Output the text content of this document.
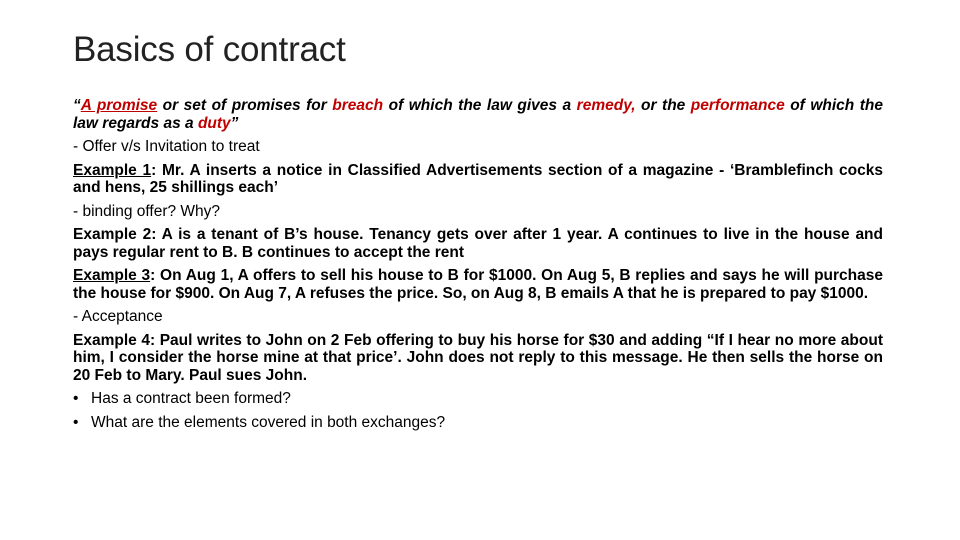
Basics of contract

“A promise or set of promises for breach of which the law gives a remedy, or the performance of which the law regards as a duty”

- Offer v/s Invitation to treat

Example 1: Mr. A inserts a notice in Classified Advertisements section of a magazine - ‘Bramblefinch cocks and hens, 25 shillings each’

- binding offer? Why?

Example 2: A is a tenant of B’s house. Tenancy gets over after 1 year. A continues to live in the house and pays regular rent to B. B continues to accept the rent

Example 3: On Aug 1, A offers to sell his house to B for $1000. On Aug 5, B replies and says he will purchase the house for $900. On Aug 7, A refuses the price. So, on Aug 8, B emails A that he is prepared to pay $1000.

- Acceptance

Example 4: Paul writes to John on 2 Feb offering to buy his horse for $30 and adding “If I hear no more about him, I consider the horse mine at that price’. John does not reply to this message. He then sells the horse on 20 Feb to Mary. Paul sues John.

• Has a contract been formed?
• What are the elements covered in both exchanges?
